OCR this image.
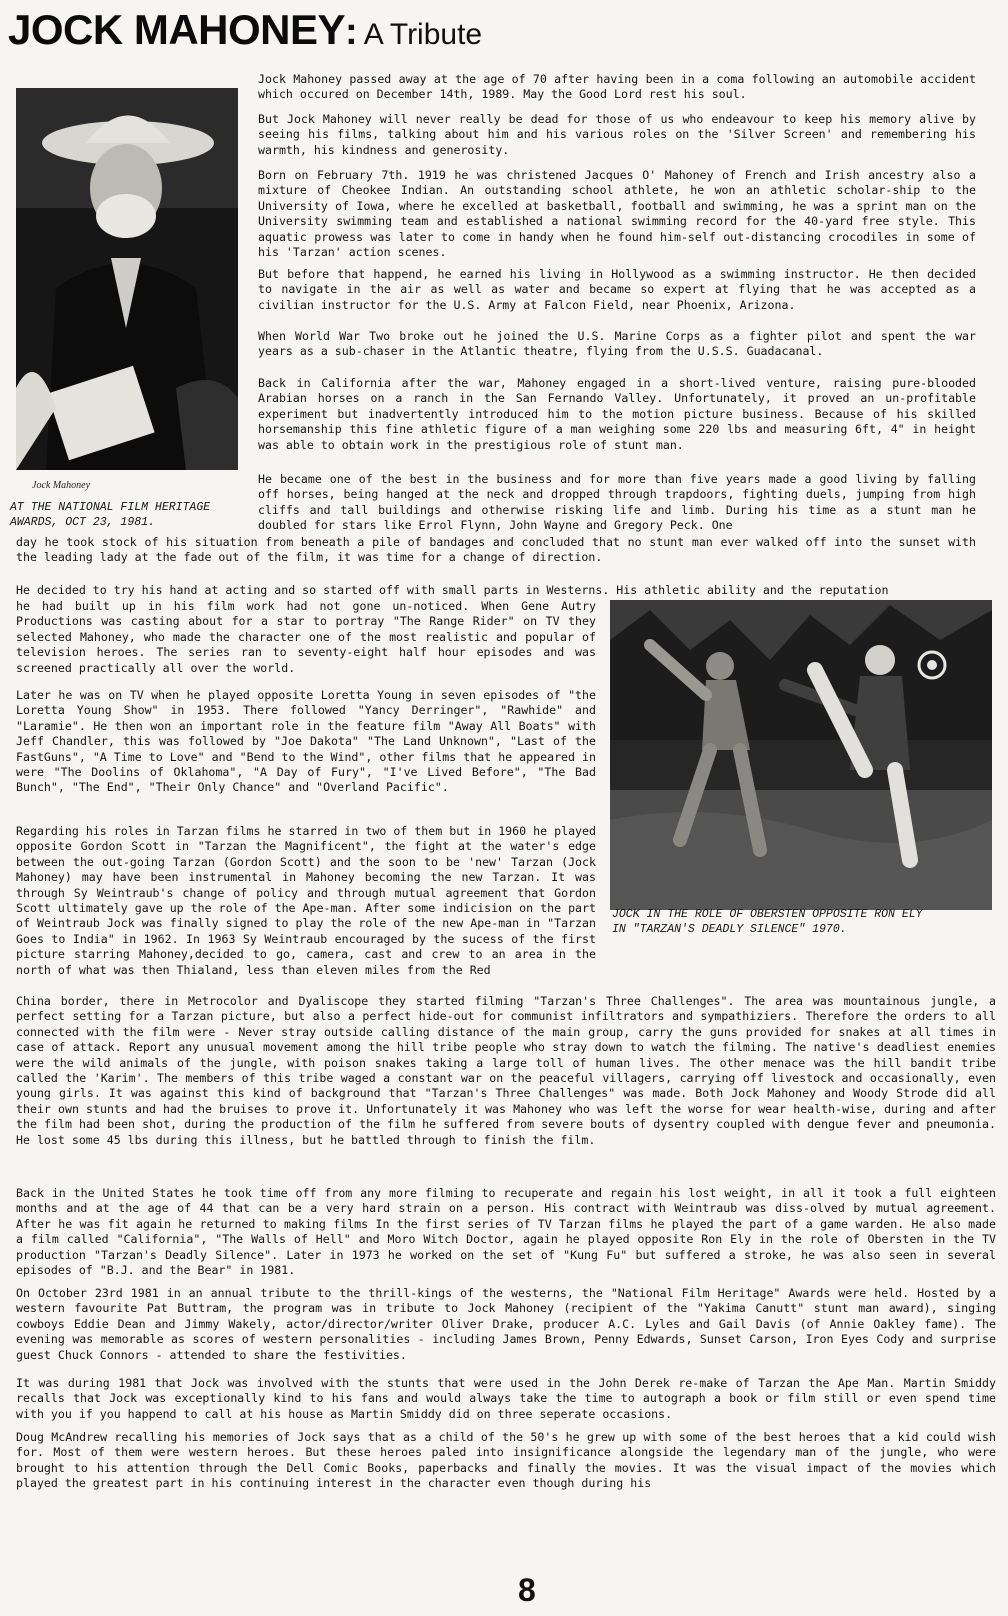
JOCK MAHONEY: A Tribute
Jock Mahoney
AT THE NATIONAL FILM HERITAGE
AWARDS, OCT 23, 1981.

Jock Mahoney passed away at the age of 70 after having been in a coma following an automobile accident which occured on December 14th, 1989. May the Good Lord rest his soul.

But Jock Mahoney will never really be dead for those of us who endeavour to keep his memory alive by seeing his films, talking about him and his various roles on the 'Silver Screen' and remembering his warmth, his kindness and generosity.

Born on February 7th. 1919 he was christened Jacques O' Mahoney of French and Irish ancestry also a mixture of Cheokee Indian. An outstanding school athlete, he won an athletic scholar-ship to the University of Iowa, where he excelled at basketball, football and swimming, he was a sprint man on the University swimming team and established a national swimming record for the 40-yard free style. This aquatic prowess was later to come in handy when he found him-self out-distancing crocodiles in some of his 'Tarzan' action scenes.

But before that happend, he earned his living in Hollywood as a swimming instructor. He then decided to navigate in the air as well as water and became so expert at flying that he was accepted as a civilian instructor for the U.S. Army at Falcon Field, near Phoenix, Arizona.

When World War Two broke out he joined the U.S. Marine Corps as a fighter pilot and spent the war years as a sub-chaser in the Atlantic theatre, flying from the U.S.S. Guadacanal.

Back in California after the war, Mahoney engaged in a short-lived venture, raising pure-blooded Arabian horses on a ranch in the San Fernando Valley. Unfortunately, it proved an un-profitable experiment but inadvertently introduced him to the motion picture business. Because of his skilled horsemanship this fine athletic figure of a man weighing some 220 lbs and measuring 6ft, 4" in height was able to obtain work in the prestigious role of stunt man.

He became one of the best in the business and for more than five years made a good living by falling off horses, being hanged at the neck and dropped through trapdoors, fighting duels, jumping from high cliffs and tall buildings and otherwise risking life and limb. During his time as a stunt man he doubled for stars like Errol Flynn, John Wayne and Gregory Peck. One

day he took stock of his situation from beneath a pile of bandages and concluded that no stunt man ever walked off into the sunset with the leading lady at the fade out of the film, it was time for a change of direction.

He decided to try his hand at acting and so started off with small parts in Westerns. His athletic ability and the reputation

he had built up in his film work had not gone un-noticed. When Gene Autry Productions was casting about for a star to portray "The Range Rider" on TV they selected Mahoney, who made the character one of the most realistic and popular of television heroes. The series ran to seventy-eight half hour episodes and was screened practically all over the world.

Later he was on TV when he played opposite Loretta Young in seven episodes of "the Loretta Young Show" in 1953. There followed "Yancy Derringer", "Rawhide" and "Laramie". He then won an important role in the feature film "Away All Boats" with Jeff Chandler, this was followed by "Joe Dakota" "The Land Unknown", "Last of the FastGuns", "A Time to Love" and "Bend to the Wind", other films that he appeared in were "The Doolins of Oklahoma", "A Day of Fury", "I've Lived Before", "The Bad Bunch", "The End", "Their Only Chance" and "Overland Pacific".

Regarding his roles in Tarzan films he starred in two of them but in 1960 he played opposite Gordon Scott in "Tarzan the Magnificent", the fight at the water's edge between the out-going Tarzan (Gordon Scott) and the soon to be 'new' Tarzan (Jock Mahoney) may have been instrumental in Mahoney becoming the new Tarzan. It was through Sy Weintraub's change of policy and through mutual agreement that Gordon Scott ultimately gave up the role of the Ape-man. After some indicision on the part of Weintraub Jock was finally signed to play the role of the new Ape-man in "Tarzan Goes to India" in 1962. In 1963 Sy Weintraub encouraged by the sucess of the first picture starring Mahoney,decided to go, camera, cast and crew to an area in the north of what was then Thialand, less than eleven miles from the Red

China border, there in Metrocolor and Dyaliscope they started filming "Tarzan's Three Challenges". The area was mountainous jungle, a perfect setting for a Tarzan picture, but also a perfect hide-out for communist infiltrators and sympathiziers. Therefore the orders to all connected with the film were - Never stray outside calling distance of the main group, carry the guns provided for snakes at all times in case of attack. Report any unusual movement among the hill tribe people who stray down to watch the filming. The native's deadliest enemies were the wild animals of the jungle, with poison snakes taking a large toll of human lives. The other menace was the hill bandit tribe called the 'Karim'. The members of this tribe waged a constant war on the peaceful villagers, carrying off livestock and occasionally, even young girls. It was against this kind of background that "Tarzan's Three Challenges" was made. Both Jock Mahoney and Woody Strode did all their own stunts and had the bruises to prove it. Unfortunately it was Mahoney who was left the worse for wear health-wise, during and after the film had been shot, during the production of the film he suffered from severe bouts of dysentry coupled with dengue fever and pneumonia. He lost some 45 lbs during this illness, but he battled through to finish the film.

JOCK IN THE ROLE OF OBERSTEN OPPOSITE RON ELY
IN "TARZAN'S DEADLY SILENCE" 1970.

Back in the United States he took time off from any more filming to recuperate and regain his lost weight, in all it took a full eighteen months and at the age of 44 that can be a very hard strain on a person. His contract with Weintraub was diss-olved by mutual agreement. After he was fit again he returned to making films In the first series of TV Tarzan films he played the part of a game warden. He also made a film called "California", "The Walls of Hell" and Moro Witch Doctor, again he played opposite Ron Ely in the role of Obersten in the TV production "Tarzan's Deadly Silence". Later in 1973 he worked on the set of "Kung Fu" but suffered a stroke, he was also seen in several episodes of "B.J. and the Bear" in 1981.

On October 23rd 1981 in an annual tribute to the thrill-kings of the westerns, the "National Film Heritage" Awards were held. Hosted by a western favourite Pat Buttram, the program was in tribute to Jock Mahoney (recipient of the "Yakima Canutt" stunt man award), singing cowboys Eddie Dean and Jimmy Wakely, actor/director/writer Oliver Drake, producer A.C. Lyles and Gail Davis (of Annie Oakley fame). The evening was memorable as scores of western personalities - including James Brown, Penny Edwards, Sunset Carson, Iron Eyes Cody and surprise guest Chuck Connors - attended to share the festivities.

It was during 1981 that Jock was involved with the stunts that were used in the John Derek re-make of Tarzan the Ape Man. Martin Smiddy recalls that Jock was exceptionally kind to his fans and would always take the time to autograph a book or film still or even spend time with you if you happend to call at his house as Martin Smiddy did on three seperate occasions.

Doug McAndrew recalling his memories of Jock says that as a child of the 50's he grew up with some of the best heroes that a kid could wish for. Most of them were western heroes. But these heroes paled into insignificance alongside the legendary man of the jungle, who were brought to his attention through the Dell Comic Books, paperbacks and finally the movies. It was the visual impact of the movies which played the greatest part in his continuing interest in the character even though during his

8
